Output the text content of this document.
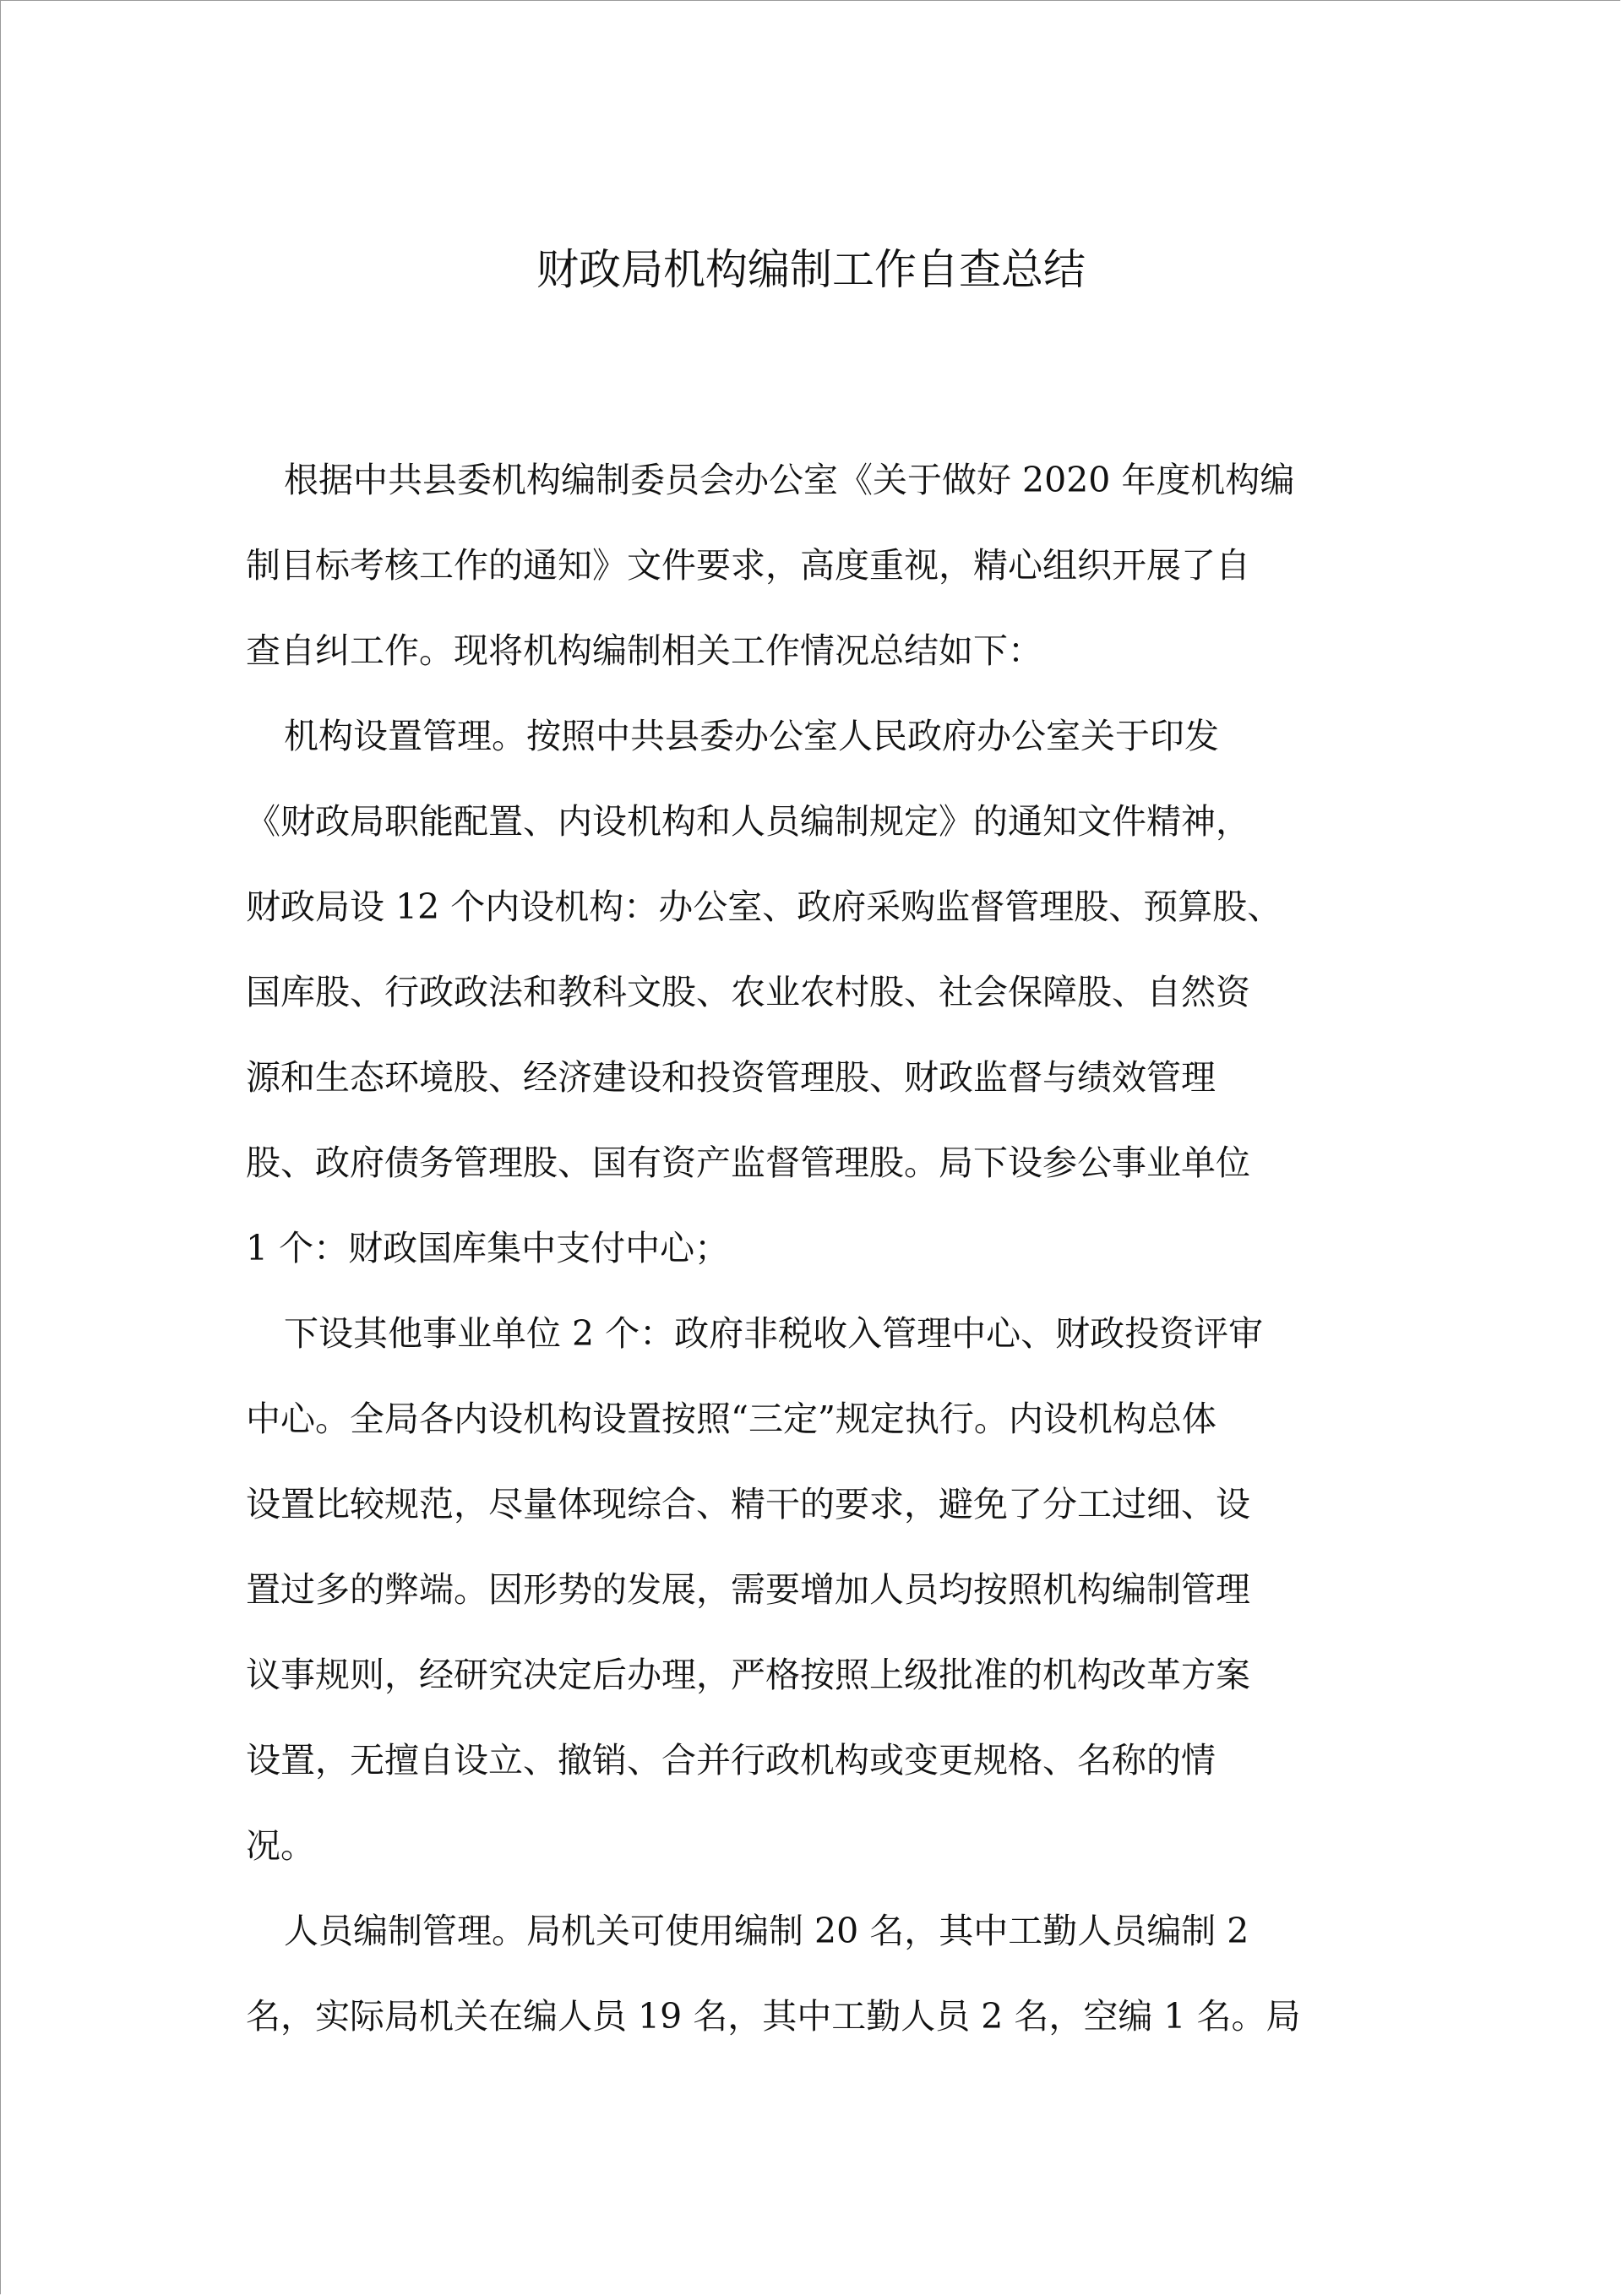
财政局机构编制工作自查总结
根据中共县委机构编制委员会办公室《关于做好 2020 年度机构编
制目标考核工作的通知》文件要求，高度重视，精心组织开展了自
查自纠工作。现将机构编制相关工作情况总结如下：
机构设置管理。按照中共县委办公室人民政府办公室关于印发
《财政局职能配置、内设机构和人员编制规定》的通知文件精神，
财政局设 12 个内设机构：办公室、政府采购监督管理股、预算股、
国库股、行政政法和教科文股、农业农村股、社会保障股、自然资
源和生态环境股、经济建设和投资管理股、财政监督与绩效管理
股、政府债务管理股、国有资产监督管理股。局下设参公事业单位
1 个：财政国库集中支付中心；
下设其他事业单位 2 个：政府非税收入管理中心、财政投资评审
中心。全局各内设机构设置按照“三定”规定执行。内设机构总体
设置比较规范，尽量体现综合、精干的要求，避免了分工过细、设
置过多的弊端。因形势的发展，需要增加人员均按照机构编制管理
议事规则，经研究决定后办理，严格按照上级批准的机构改革方案
设置，无擅自设立、撤销、合并行政机构或变更规格、名称的情
况。
人员编制管理。局机关可使用编制 20 名，其中工勤人员编制 2
名，实际局机关在编人员 19 名，其中工勤人员 2 名，空编 1 名。局
